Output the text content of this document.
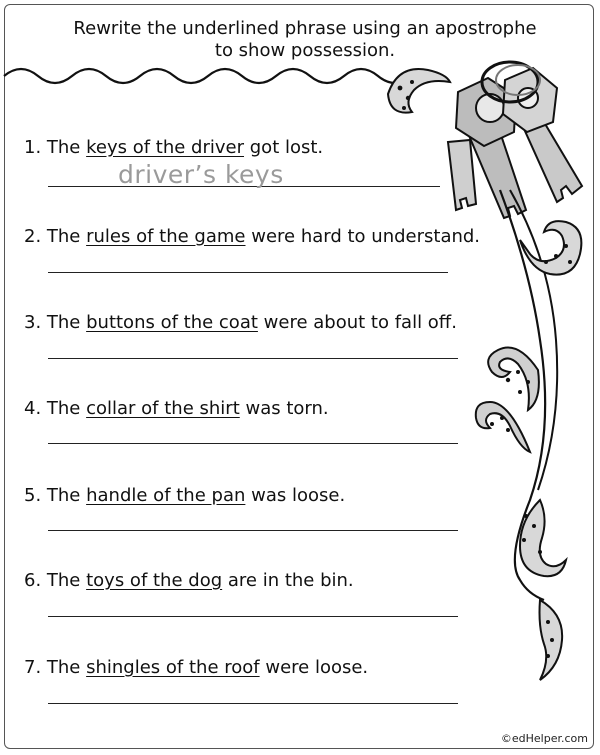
Rewrite the underlined phrase using an apostrophe
to show possession.
1. The keys of the driver got lost.
driver’s keys
2. The rules of the game were hard to understand.
3. The buttons of the coat were about to fall off.
4. The collar of the shirt was torn.
5. The handle of the pan was loose.
6. The toys of the dog are in the bin.
7. The shingles of the roof were loose.
©edHelper.com
